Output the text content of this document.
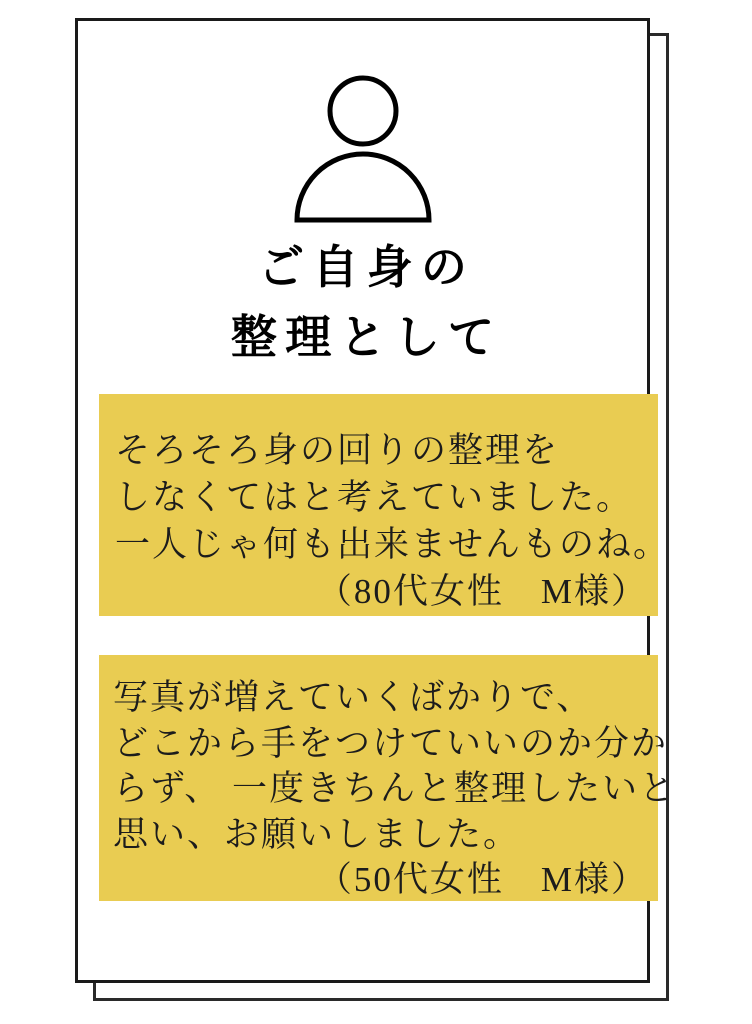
ご自身の
整理として
そろそろ身の回りの整理を
しなくてはと考えていました。
一人じゃ何も出来ませんものね。
（80代女性　M様）
写真が増えていくばかりで、
どこから手をつけていいのか分か
らず、 一度きちんと整理したいと
思い、お願いしました。
（50代女性　M様）
